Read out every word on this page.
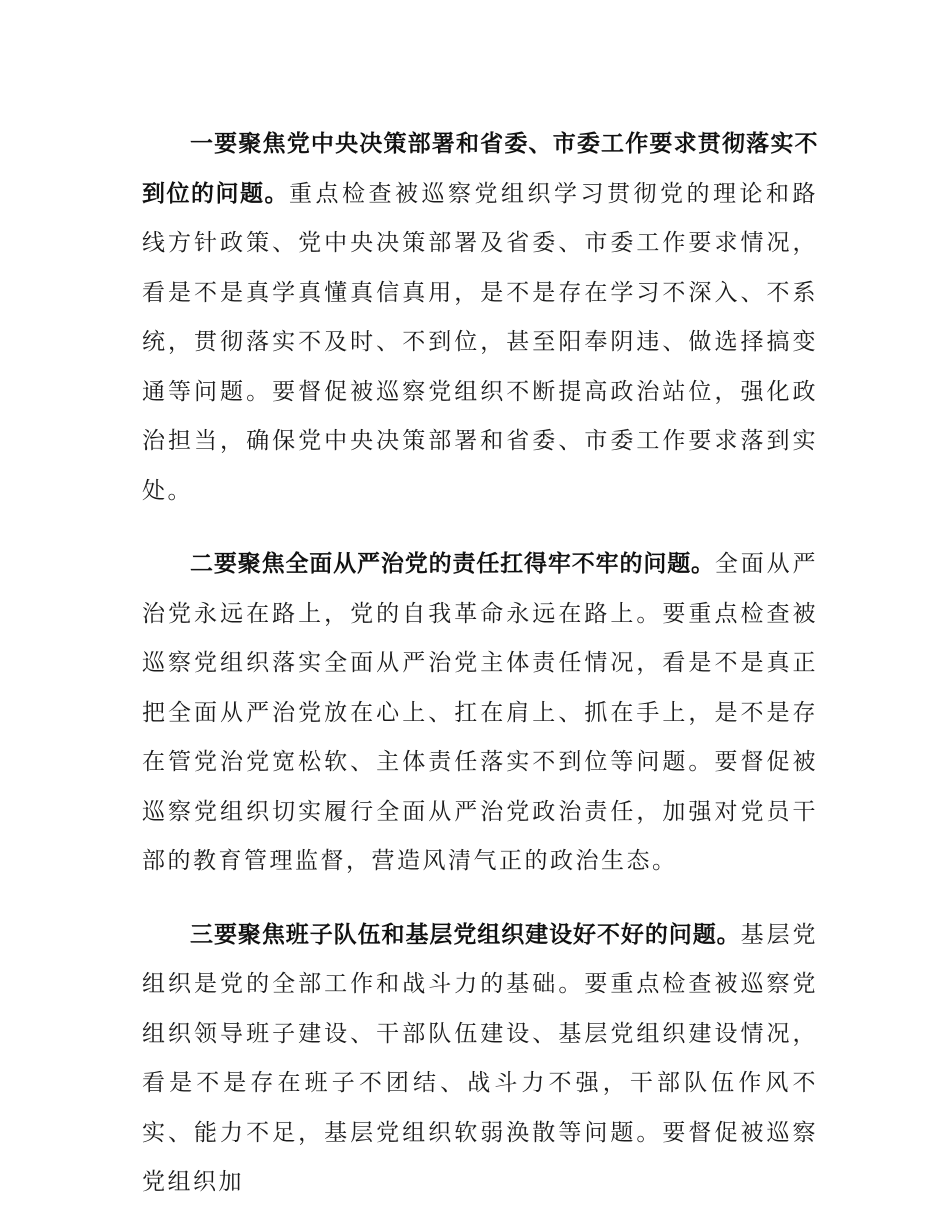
一要聚焦党中央决策部署和省委、市委工作要求贯彻落实不到位的问题。重点检查被巡察党组织学习贯彻党的理论和路线方针政策、党中央决策部署及省委、市委工作要求情况，看是不是真学真懂真信真用，是不是存在学习不深入、不系统，贯彻落实不及时、不到位，甚至阳奉阴违、做选择搞变通等问题。要督促被巡察党组织不断提高政治站位，强化政治担当，确保党中央决策部署和省委、市委工作要求落到实处。

二要聚焦全面从严治党的责任扛得牢不牢的问题。全面从严治党永远在路上，党的自我革命永远在路上。要重点检查被巡察党组织落实全面从严治党主体责任情况，看是不是真正把全面从严治党放在心上、扛在肩上、抓在手上，是不是存在管党治党宽松软、主体责任落实不到位等问题。要督促被巡察党组织切实履行全面从严治党政治责任，加强对党员干部的教育管理监督，营造风清气正的政治生态。

三要聚焦班子队伍和基层党组织建设好不好的问题。基层党组织是党的全部工作和战斗力的基础。要重点检查被巡察党组织领导班子建设、干部队伍建设、基层党组织建设情况，看是不是存在班子不团结、战斗力不强，干部队伍作风不实、能力不足，基层党组织软弱涣散等问题。要督促被巡察党组织加
